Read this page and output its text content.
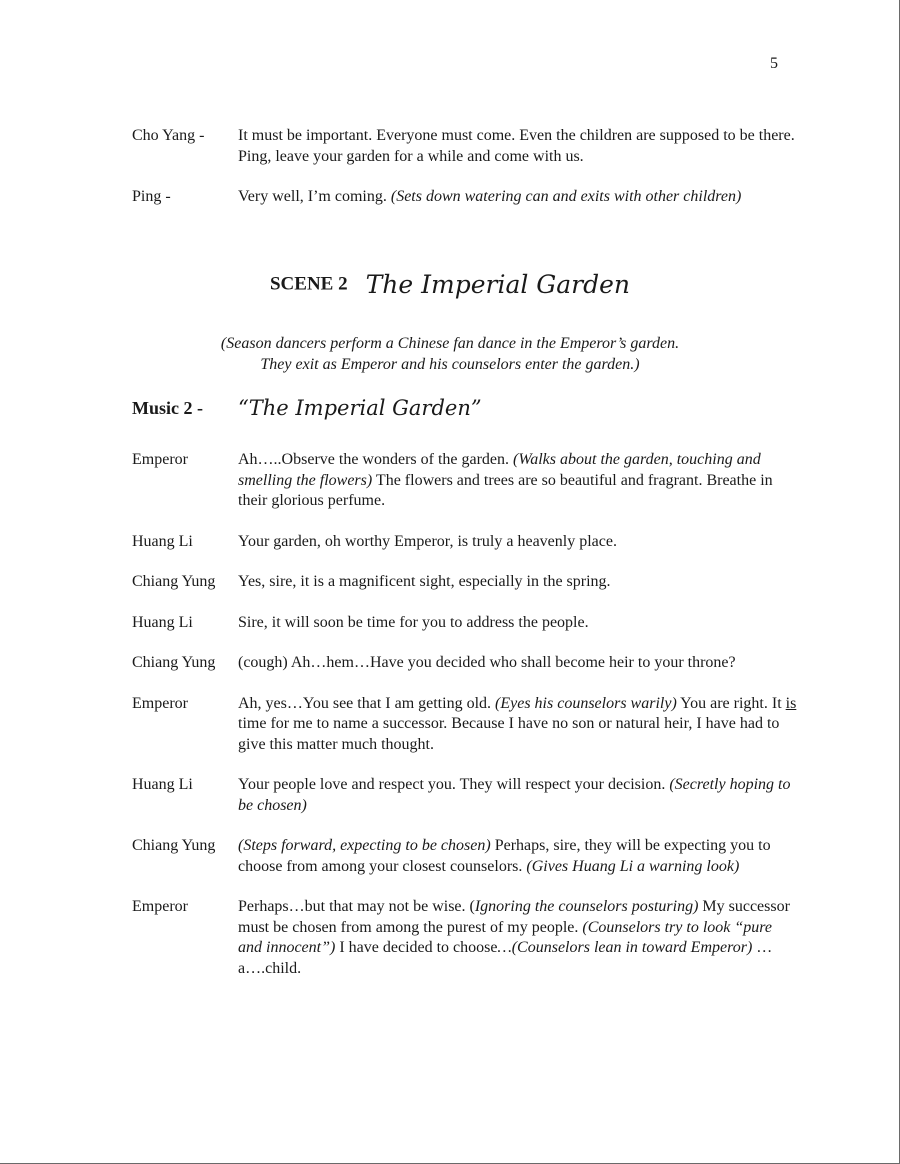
5
Cho Yang - It must be important. Everyone must come. Even the children are supposed to be there. Ping, leave your garden for a while and come with us.
Ping -	Very well, I’m coming. (Sets down watering can and exits with other children)
SCENE 2 The Imperial Garden
(Season dancers perform a Chinese fan dance in the Emperor’s garden.
They exit as Emperor and his counselors enter the garden.)
Music 2 - “The Imperial Garden”
Emperor	Ah…..Observe the wonders of the garden. (Walks about the garden, touching and smelling the flowers) The flowers and trees are so beautiful and fragrant. Breathe in their glorious perfume.
Huang Li	Your garden, oh worthy Emperor, is truly a heavenly place.
Chiang Yung Yes, sire, it is a magnificent sight, especially in the spring.
Huang Li	Sire, it will soon be time for you to address the people.
Chiang Yung (cough) Ah…hem…Have you decided who shall become heir to your throne?
Emperor	Ah, yes…You see that I am getting old. (Eyes his counselors warily) You are right. It is time for me to name a successor. Because I have no son or natural heir, I have had to give this matter much thought.
Huang Li	Your people love and respect you. They will respect your decision. (Secretly hoping to be chosen)
Chiang Yung (Steps forward, expecting to be chosen) Perhaps, sire, they will be expecting you to choose from among your closest counselors. (Gives Huang Li a warning look)
Emperor	Perhaps…but that may not be wise. (Ignoring the counselors posturing) My successor must be chosen from among the purest of my people. (Counselors try to look “pure and innocent”) I have decided to choose…(Counselors lean in toward Emperor) …a….child.
